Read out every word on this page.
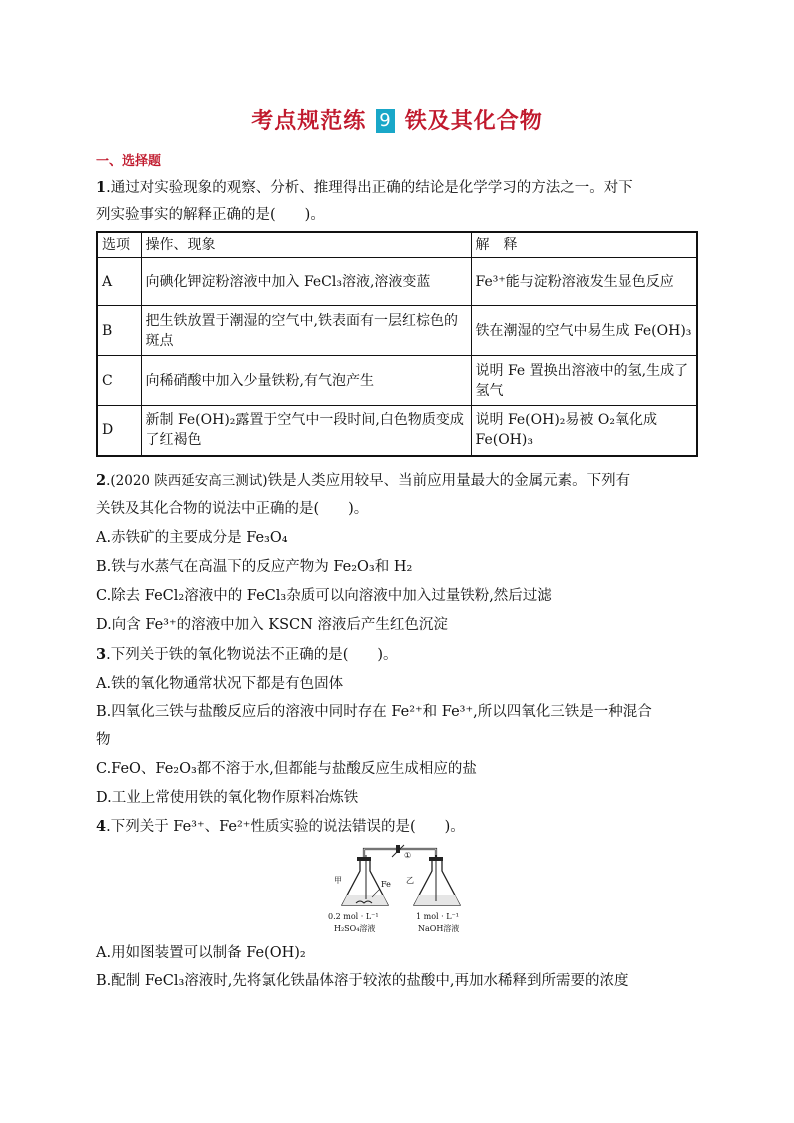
考点规范练 9 铁及其化合物
一、选择题
1.通过对实验现象的观察、分析、推理得出正确的结论是化学学习的方法之一。对下
列实验事实的解释正确的是(　　)。
选项	操作、现象	解　释
A	向碘化钾淀粉溶液中加入 FeCl₃溶液,溶液变蓝	Fe³⁺能与淀粉溶液发生显色反应
B	把生铁放置于潮湿的空气中,铁表面有一层红棕色的斑点	铁在潮湿的空气中易生成 Fe(OH)₃
C	向稀硝酸中加入少量铁粉,有气泡产生	说明 Fe 置换出溶液中的氢,生成了氢气
D	新制 Fe(OH)₂露置于空气中一段时间,白色物质变成了红褐色	说明 Fe(OH)₂易被 O₂氧化成 Fe(OH)₃
2.(2020 陕西延安高三测试)铁是人类应用较早、当前应用量最大的金属元素。下列有
关铁及其化合物的说法中正确的是(　　)。
A.赤铁矿的主要成分是 Fe₃O₄
B.铁与水蒸气在高温下的反应产物为 Fe₂O₃和 H₂
C.除去 FeCl₂溶液中的 FeCl₃杂质可以向溶液中加入过量铁粉,然后过滤
D.向含 Fe³⁺的溶液中加入 KSCN 溶液后产生红色沉淀
3.下列关于铁的氧化物说法不正确的是(　　)。
A.铁的氧化物通常状况下都是有色固体
B.四氧化三铁与盐酸反应后的溶液中同时存在 Fe²⁺和 Fe³⁺,所以四氧化三铁是一种混合
物
C.FeO、Fe₂O₃都不溶于水,但都能与盐酸反应生成相应的盐
D.工业上常使用铁的氧化物作原料冶炼铁
4.下列关于 Fe³⁺、Fe²⁺性质实验的说法错误的是(　　)。
甲	乙
Fe
①
0.2 mol · L⁻¹
H₂SO₄溶液
1 mol · L⁻¹
NaOH溶液
A.用如图装置可以制备 Fe(OH)₂
B.配制 FeCl₃溶液时,先将氯化铁晶体溶于较浓的盐酸中,再加水稀释到所需要的浓度
